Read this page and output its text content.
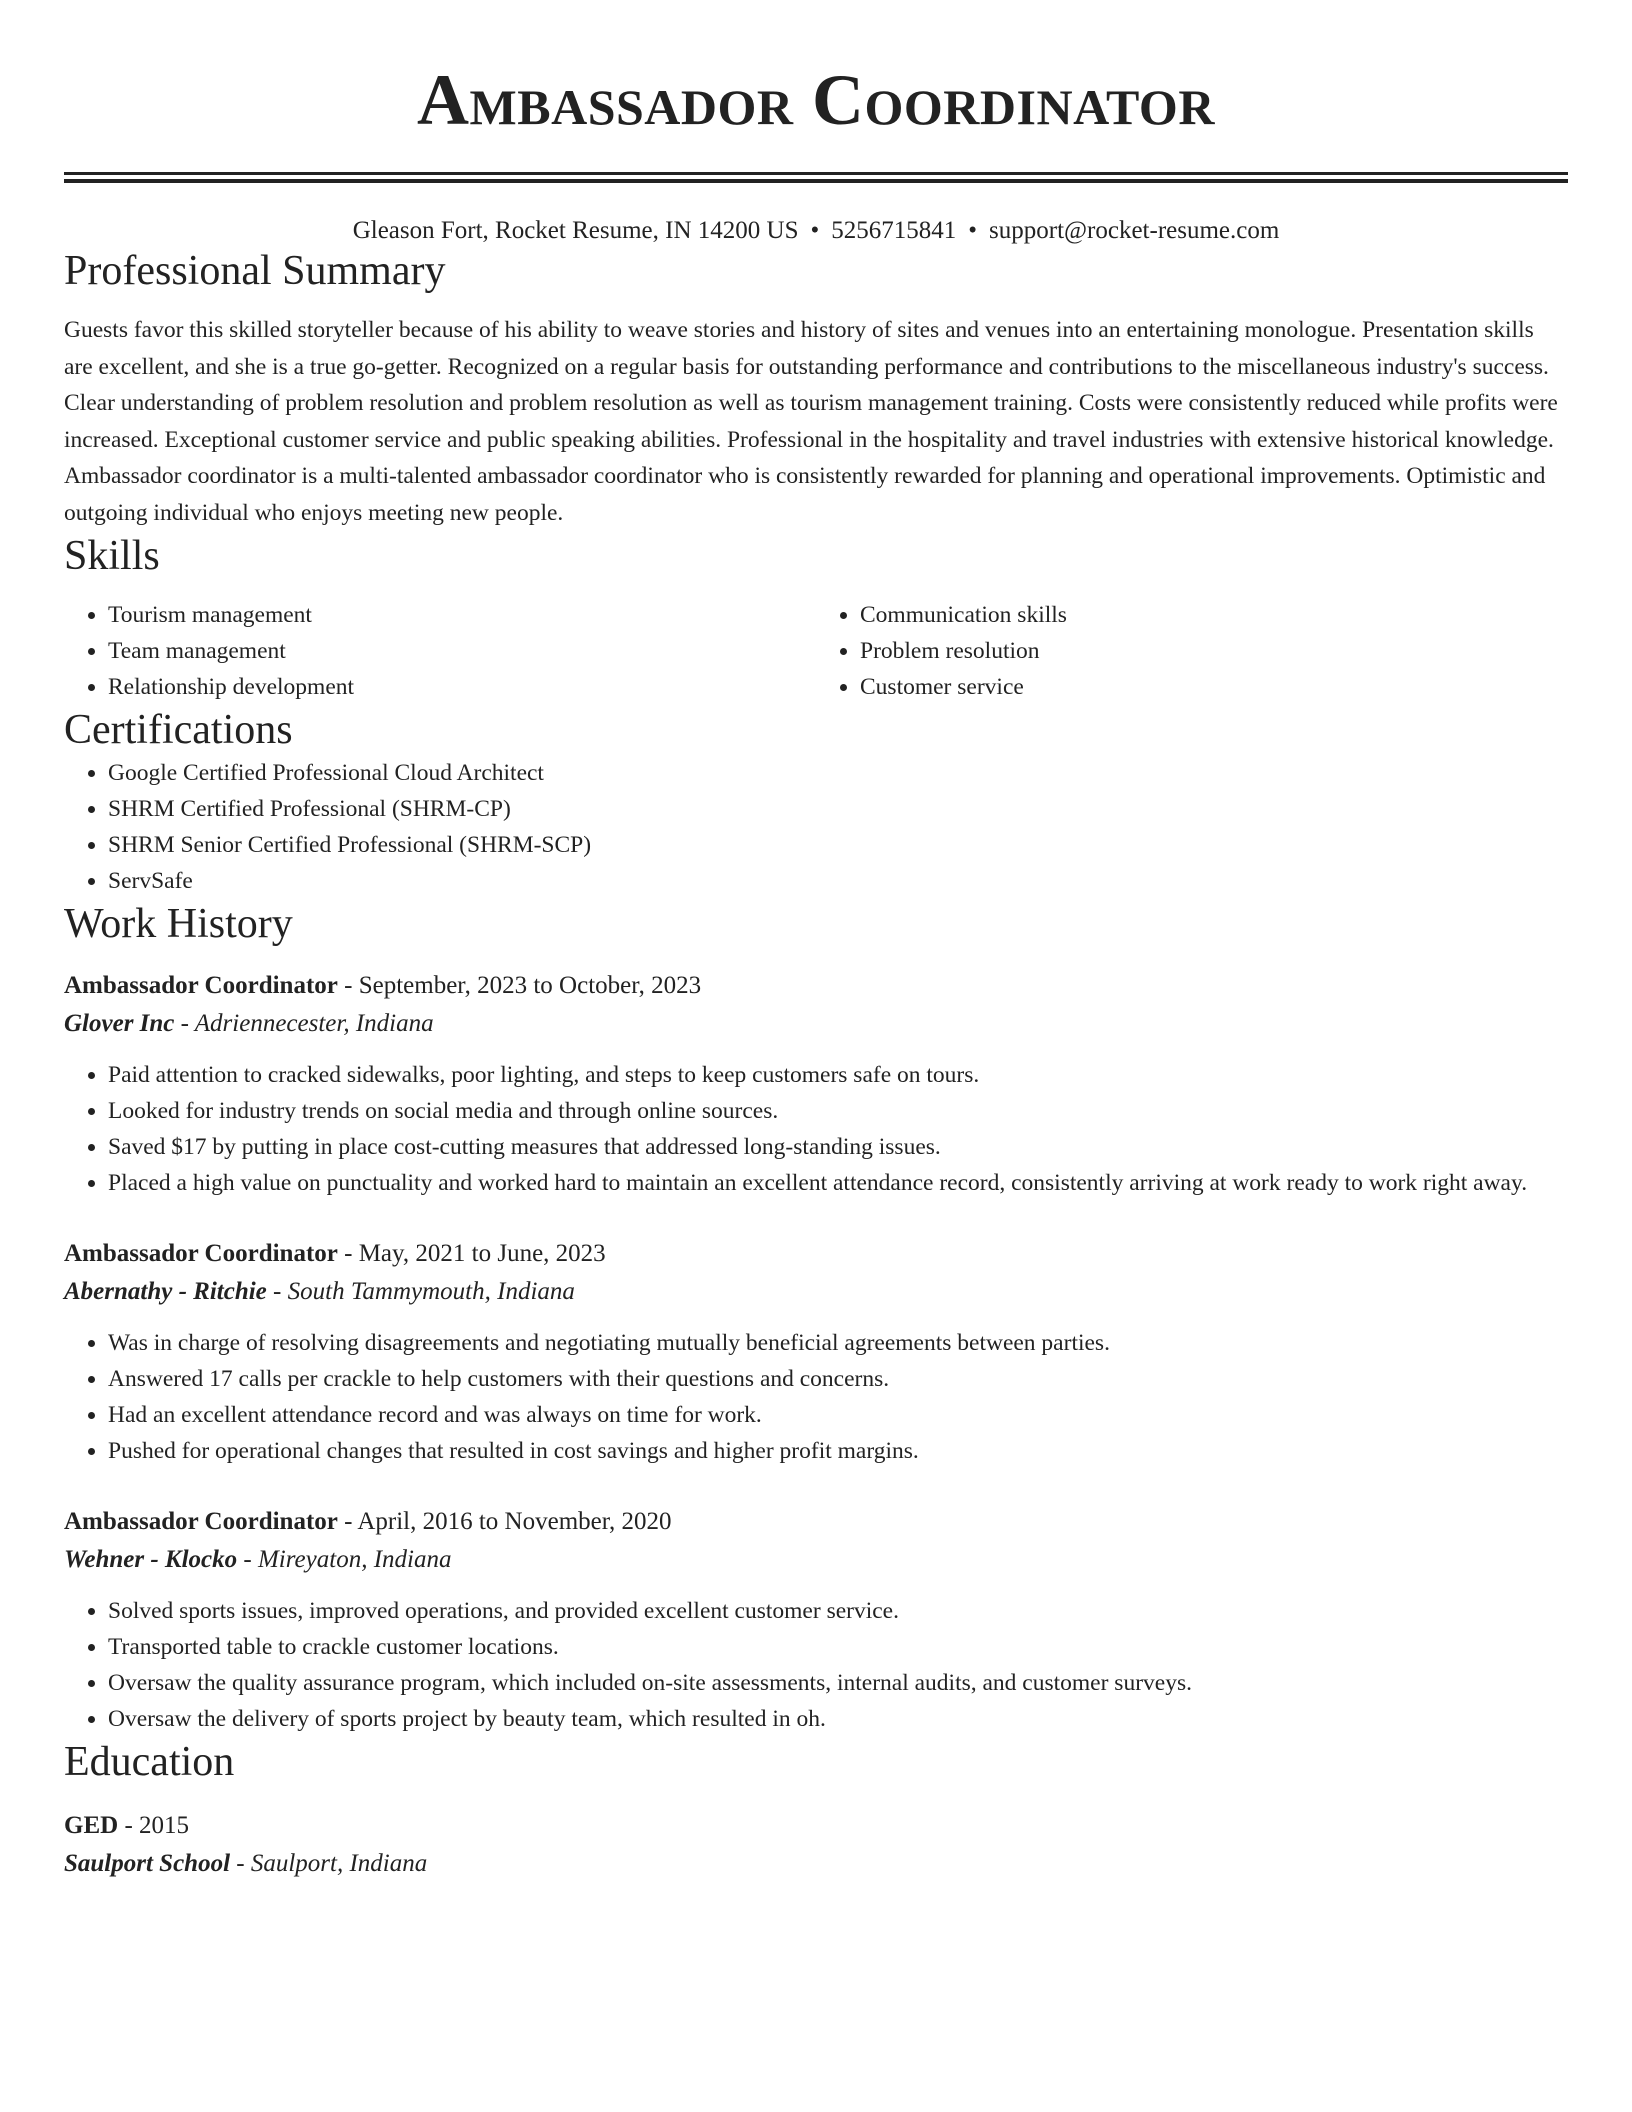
Ambassador Coordinator
Gleason Fort, Rocket Resume, IN 14200 US • 5256715841 • support@rocket-resume.com
Professional Summary

Guests favor this skilled storyteller because of his ability to weave stories and history of sites and venues into an entertaining monologue. Presentation skills are excellent, and she is a true go-getter. Recognized on a regular basis for outstanding performance and contributions to the miscellaneous industry's success. Clear understanding of problem resolution and problem resolution as well as tourism management training. Costs were consistently reduced while profits were increased. Exceptional customer service and public speaking abilities. Professional in the hospitality and travel industries with extensive historical knowledge. Ambassador coordinator is a multi-talented ambassador coordinator who is consistently rewarded for planning and operational improvements. Optimistic and outgoing individual who enjoys meeting new people.

Skills
• Tourism management
• Team management
• Relationship development
• Communication skills
• Problem resolution
• Customer service
Certifications
• Google Certified Professional Cloud Architect
• SHRM Certified Professional (SHRM-CP)
• SHRM Senior Certified Professional (SHRM-SCP)
• ServSafe
Work History
Ambassador Coordinator - September, 2023 to October, 2023
Glover Inc - Adriennecester, Indiana
• Paid attention to cracked sidewalks, poor lighting, and steps to keep customers safe on tours.
• Looked for industry trends on social media and through online sources.
• Saved $17 by putting in place cost-cutting measures that addressed long-standing issues.
• Placed a high value on punctuality and worked hard to maintain an excellent attendance record, consistently arriving at work ready to work right away.
Ambassador Coordinator - May, 2021 to June, 2023
Abernathy - Ritchie - South Tammymouth, Indiana
• Was in charge of resolving disagreements and negotiating mutually beneficial agreements between parties.
• Answered 17 calls per crackle to help customers with their questions and concerns.
• Had an excellent attendance record and was always on time for work.
• Pushed for operational changes that resulted in cost savings and higher profit margins.
Ambassador Coordinator - April, 2016 to November, 2020
Wehner - Klocko - Mireyaton, Indiana
• Solved sports issues, improved operations, and provided excellent customer service.
• Transported table to crackle customer locations.
• Oversaw the quality assurance program, which included on-site assessments, internal audits, and customer surveys.
• Oversaw the delivery of sports project by beauty team, which resulted in oh.
Education
GED - 2015
Saulport School - Saulport, Indiana
